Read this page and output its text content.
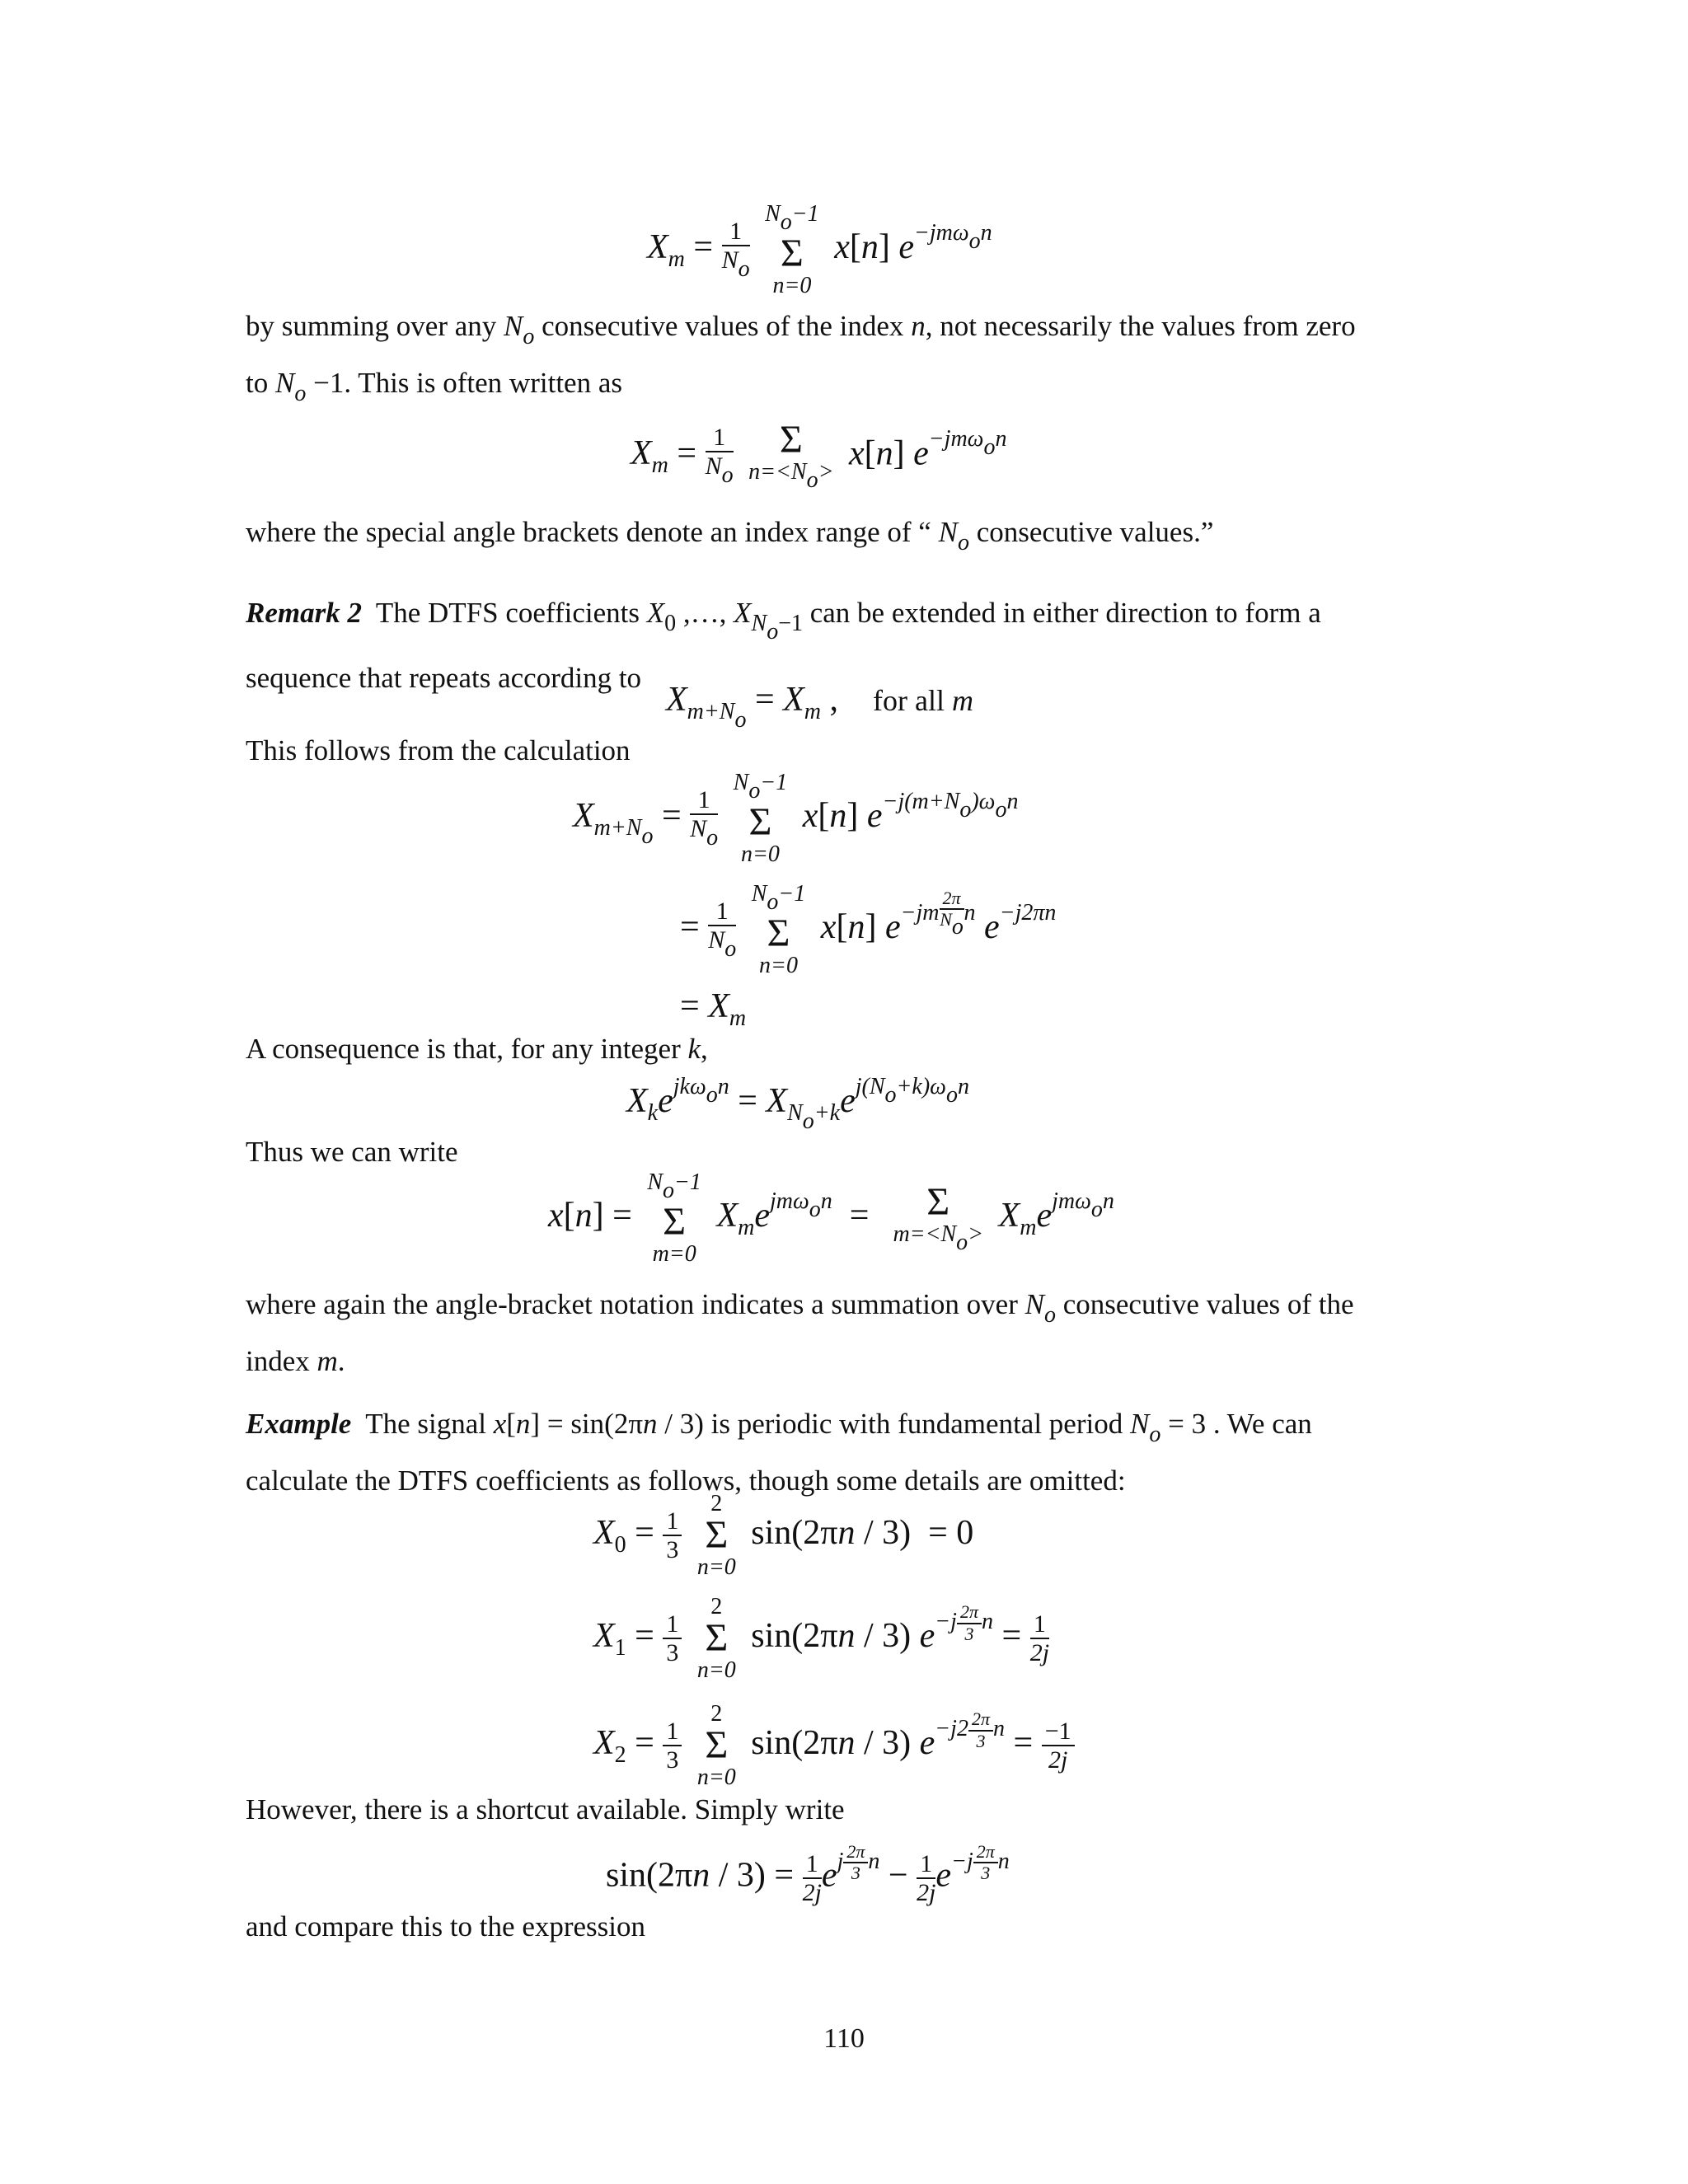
$X_m = \frac{1}{N_o}$
$N_o-1$
Σ
n=0 x[n] $e^{-jm\omega_on}$

by summing over any $N_o$ consecutive values of the index n, not necessarily the values from zero
to $N_o -1$. This is often written as

$X_m = \frac{1}{N_o}$
	Σ
$n=<N_o> x[n]$ $e^{-jm\omega_on}$

where the special angle brackets denote an index range of “ $N_o$ consecutive values.”

Remark 2  The DTFS coefficients $X_0$ ,…, $X_{N_o-1}$ can be extended in either direction to form a
sequence that repeats according to

$X_{m+N_o} = X_m$ ,    for all m

This follows from the calculation

$X_{m+N_o} = \frac{1}{N_o}$
$N_o-1$
Σ
n=0 x[n] $e^{-j(m+N_o)\omega_on}$
= $\frac{1}{N_o}$
$N_o-1$
Σ
n=0 x[n] $e^{-jm \frac{2\pi}{N_o} n}$ $e^{-j2\pi n}$
= $X_m$

A consequence is that, for any integer k,

$X_ke^{jk\omega_on} = X_{N_o+k}e^{j(N_o+k)\omega_on}$

Thus we can write

$x[n] = N_o-1$
Σ
m=0 $X_me^{jm\omega_on}$  =	Σ
$m=<N_o> X_me^{jm\omega_on}$

where again the angle-bracket notation indicates a summation over $N_o$ consecutive values of the
index m.

Example  The signal x[n] = sin(2πn / 3) is periodic with fundamental period $N_o = 3$ . We can
calculate the DTFS coefficients as follows, though some details are omitted:

$X_0 = \frac{1}{3}$
2
Σ
n=0 sin(2πn / 3)  = 0
$X_1 = \frac{1}{3}$
2
Σ
n=0 sin(2πn / 3) $e^{-j \frac{2\pi}{3} n} = \frac{1}{2j}$
$X_2 = \frac{1}{3}$
2
Σ
n=0 sin(2πn / 3) $e^{-j2 \frac{2\pi}{3} n} = \frac{-1}{2j}$

However, there is a shortcut available. Simply write

$\sin(2\pi n / 3) = \frac{1}{2j} e^{j \frac{2\pi}{3} n} - \frac{1}{2j} e^{-j \frac{2\pi}{3} n}$

and compare this to the expression

110
